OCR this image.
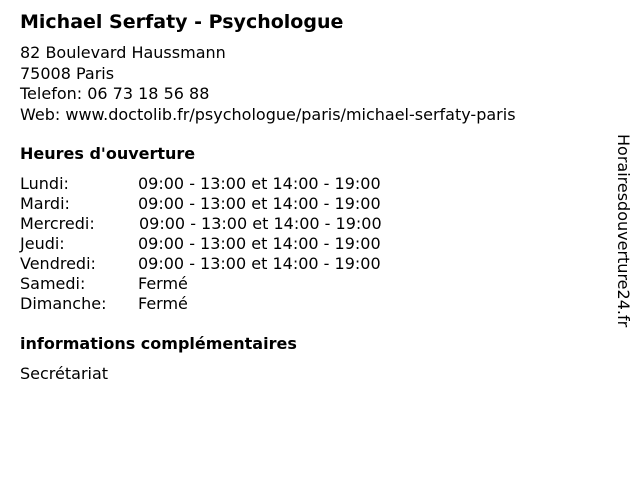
Michael Serfaty - Psychologue
82 Boulevard Haussmann
75008 Paris
Telefon: 06 73 18 56 88
Web: www.doctolib.fr/psychologue/paris/michael-serfaty-paris
Heures d'ouverture
Lundi:	09:00 - 13:00 et 14:00 - 19:00
Mardi:	09:00 - 13:00 et 14:00 - 19:00
Mercredi:	09:00 - 13:00 et 14:00 - 19:00
Jeudi:	09:00 - 13:00 et 14:00 - 19:00
Vendredi:	09:00 - 13:00 et 14:00 - 19:00
Samedi:	Fermé
Dimanche: Fermé
informations complémentaires
Secrétariat
Horairesdouverture24.fr
